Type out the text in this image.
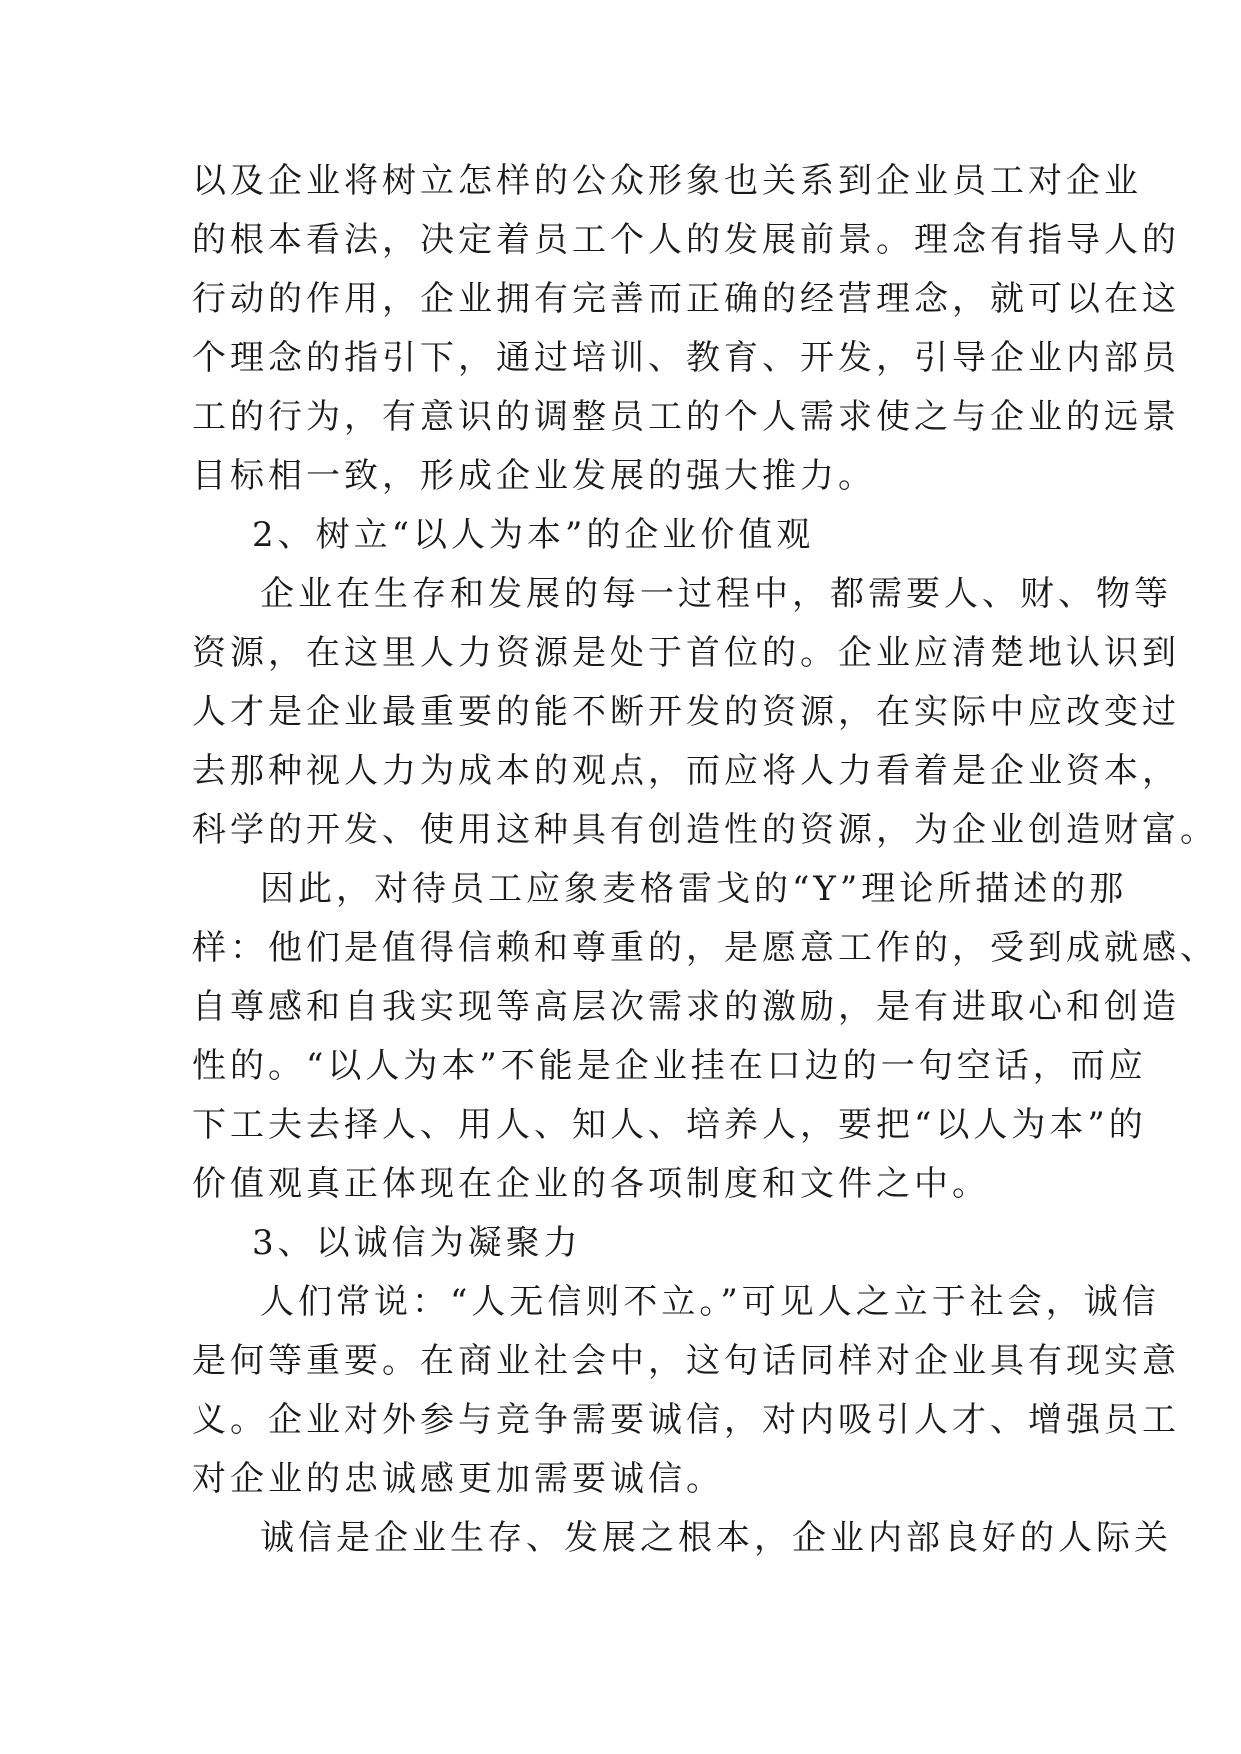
以及企业将树立怎样的公众形象也关系到企业员工对企业
的根本看法，决定着员工个人的发展前景。理念有指导人的
行动的作用，企业拥有完善而正确的经营理念，就可以在这
个理念的指引下，通过培训、教育、开发，引导企业内部员
工的行为，有意识的调整员工的个人需求使之与企业的远景
目标相一致，形成企业发展的强大推力。
2、树立“以人为本”的企业价值观
企业在生存和发展的每一过程中，都需要人、财、物等
资源，在这里人力资源是处于首位的。企业应清楚地认识到
人才是企业最重要的能不断开发的资源，在实际中应改变过
去那种视人力为成本的观点，而应将人力看着是企业资本，
科学的开发、使用这种具有创造性的资源，为企业创造财富。
因此，对待员工应象麦格雷戈的“Y”理论所描述的那
样：他们是值得信赖和尊重的，是愿意工作的，受到成就感、
自尊感和自我实现等高层次需求的激励，是有进取心和创造
性的。“以人为本”不能是企业挂在口边的一句空话，而应
下工夫去择人、用人、知人、培养人，要把“以人为本”的
价值观真正体现在企业的各项制度和文件之中。
3、以诚信为凝聚力
人们常说：“人无信则不立。”可见人之立于社会，诚信
是何等重要。在商业社会中，这句话同样对企业具有现实意
义。企业对外参与竞争需要诚信，对内吸引人才、增强员工
对企业的忠诚感更加需要诚信。
诚信是企业生存、发展之根本，企业内部良好的人际关
